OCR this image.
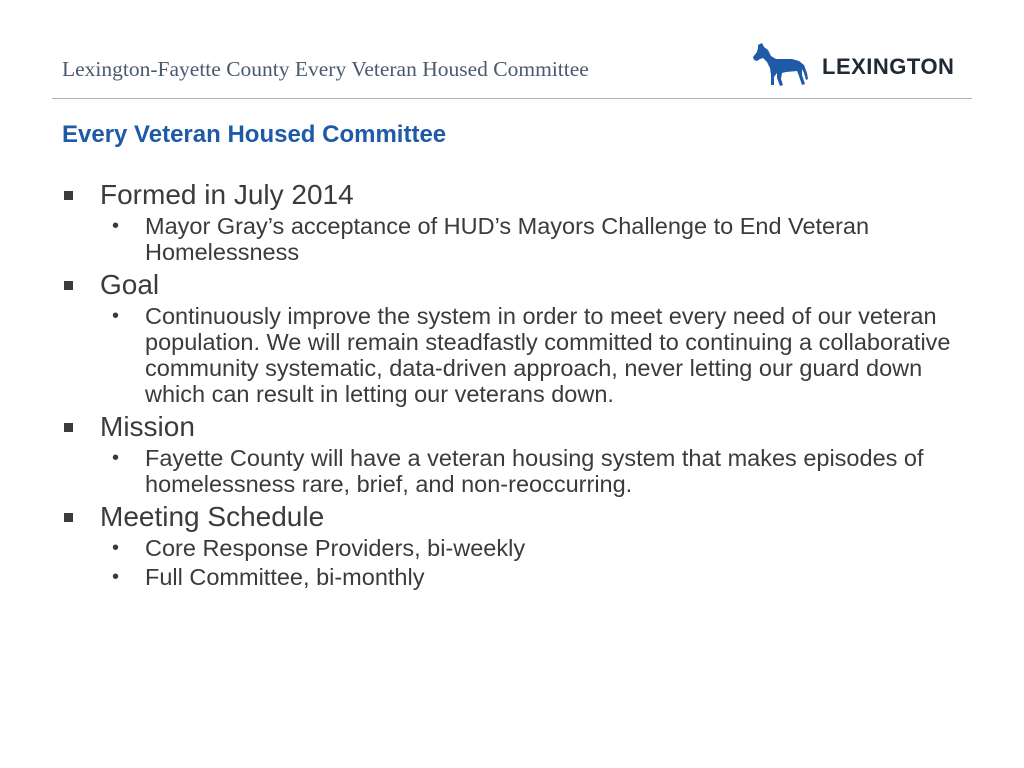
Lexington-Fayette County Every Veteran Housed Committee	LEXINGTON
Every Veteran Housed Committee
Formed in July 2014
• Mayor Gray’s acceptance of HUD’s Mayors Challenge to End Veteran Homelessness
Goal
• Continuously improve the system in order to meet every need of our veteran population. We will remain steadfastly committed to continuing a collaborative community systematic, data-driven approach, never letting our guard down which can result in letting our veterans down.
Mission
• Fayette County will have a veteran housing system that makes episodes of homelessness rare, brief, and non-reoccurring.
Meeting Schedule
• Core Response Providers, bi-weekly
• Full Committee, bi-monthly
